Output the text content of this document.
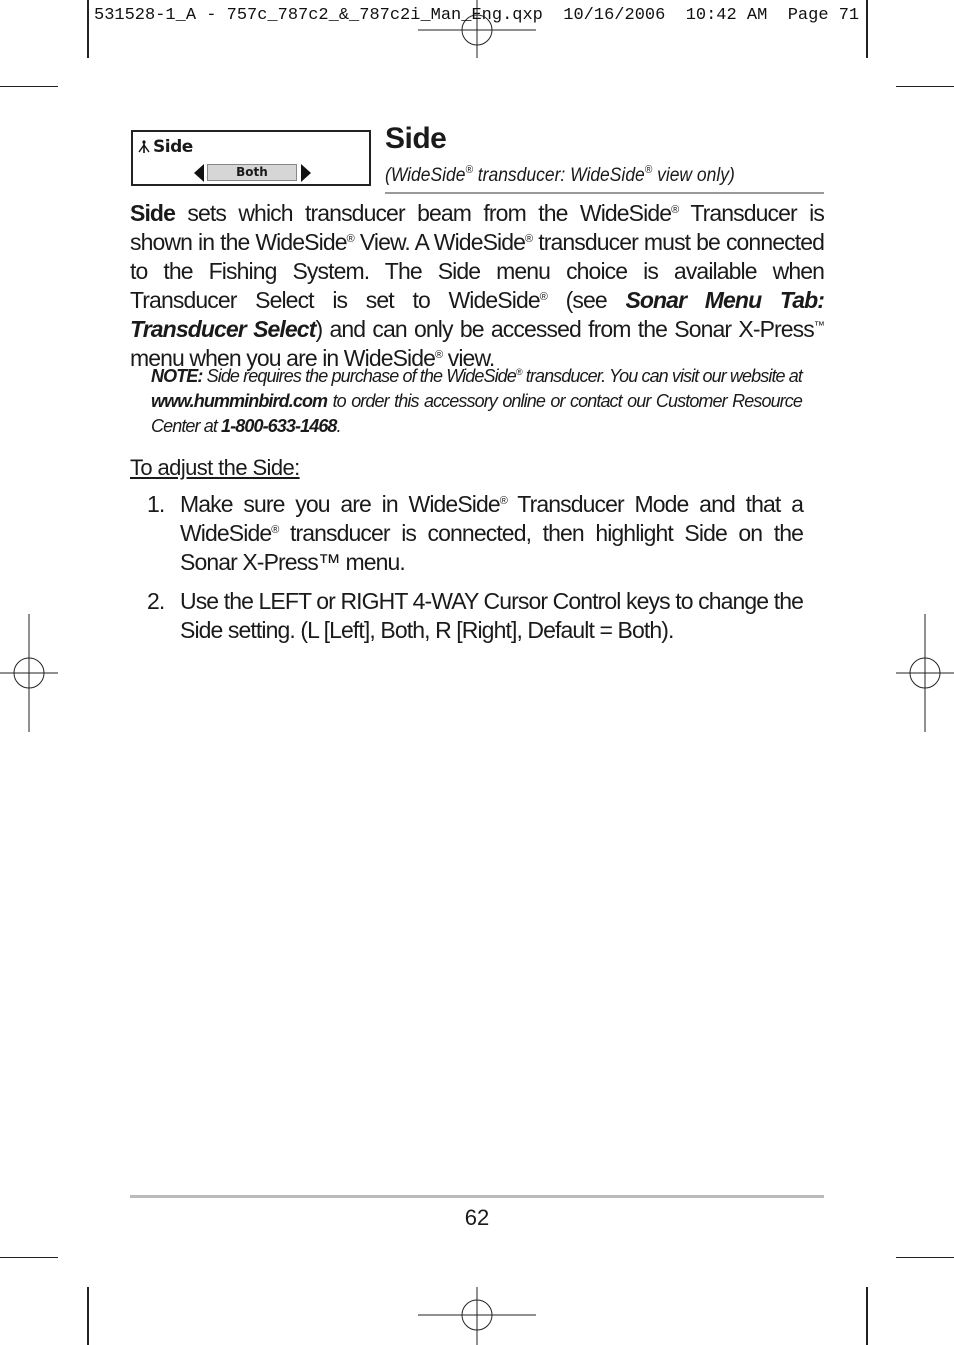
531528-1_A - 757c_787c2_&_787c2i_Man_Eng.qxp  10/16/2006  10:42 AM  Page 71
Side
Both
Side
(WideSide® transducer: WideSide® view only)
Side sets which transducer beam from the WideSide® Transducer is shown in the WideSide® View. A WideSide® transducer must be connected to the Fishing System. The Side menu choice is available when Transducer Select is set to WideSide® (see Sonar Menu Tab: Transducer Select) and can only be accessed from the Sonar X-Press™ menu when you are in WideSide® view.
NOTE: Side requires the purchase of the WideSide® transducer. You can visit our website at www.humminbird.com to order this accessory online or contact our Customer Resource Center at 1-800-633-1468.
To adjust the Side:
1. Make sure you are in WideSide® Transducer Mode and that a WideSide® transducer is connected, then highlight Side on the Sonar X-Press™ menu.
2. Use the LEFT or RIGHT 4-WAY Cursor Control keys to change the Side setting. (L [Left], Both, R [Right], Default = Both).
62
